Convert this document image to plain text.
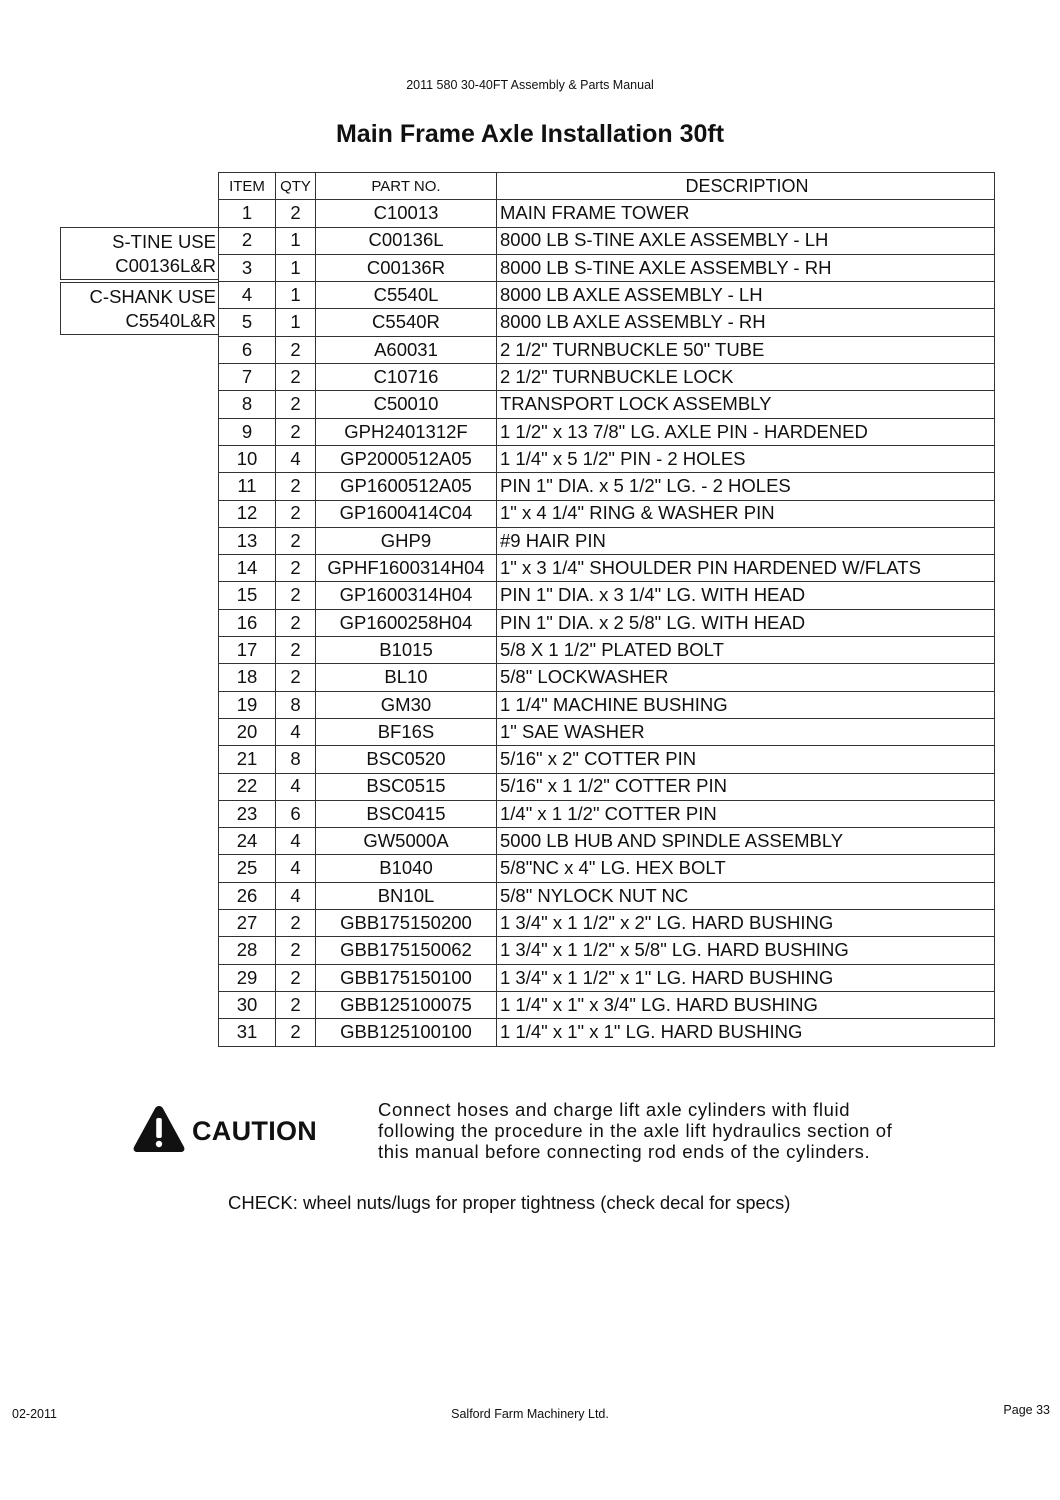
2011 580 30-40FT Assembly & Parts Manual
Main Frame Axle Installation 30ft
S-TINE USE
C00136L&R
C-SHANK USE
C5540L&R
ITEM	QTY	PART NO.	DESCRIPTION
1	2	C10013	MAIN FRAME TOWER
2	1	C00136L	8000 LB S-TINE AXLE ASSEMBLY - LH
3	1	C00136R	8000 LB S-TINE AXLE ASSEMBLY - RH
4	1	C5540L	8000 LB AXLE ASSEMBLY - LH
5	1	C5540R	8000 LB AXLE ASSEMBLY - RH
6	2	A60031	2 1/2" TURNBUCKLE 50" TUBE
7	2	C10716	2 1/2" TURNBUCKLE LOCK
8	2	C50010	TRANSPORT LOCK ASSEMBLY
9	2	GPH2401312F	1 1/2" x 13 7/8" LG. AXLE PIN - HARDENED
10	4	GP2000512A05	1 1/4" x 5 1/2" PIN - 2 HOLES
11	2	GP1600512A05	PIN 1" DIA. x 5 1/2" LG. - 2 HOLES
12	2	GP1600414C04	1" x 4 1/4" RING & WASHER PIN
13	2	GHP9	#9 HAIR PIN
14	2	GPHF1600314H04	1" x 3 1/4" SHOULDER PIN HARDENED W/FLATS
15	2	GP1600314H04	PIN 1" DIA. x 3 1/4" LG. WITH HEAD
16	2	GP1600258H04	PIN 1" DIA. x 2 5/8" LG. WITH HEAD
17	2	B1015	5/8 X 1 1/2" PLATED BOLT
18	2	BL10	5/8" LOCKWASHER
19	8	GM30	1 1/4" MACHINE BUSHING
20	4	BF16S	1" SAE WASHER
21	8	BSC0520	5/16" x 2" COTTER PIN
22	4	BSC0515	5/16" x 1 1/2" COTTER PIN
23	6	BSC0415	1/4" x 1 1/2" COTTER PIN
24	4	GW5000A	5000 LB HUB AND SPINDLE ASSEMBLY
25	4	B1040	5/8"NC x 4" LG. HEX BOLT
26	4	BN10L	5/8" NYLOCK NUT NC
27	2	GBB175150200	1 3/4" x 1 1/2" x 2" LG. HARD BUSHING
28	2	GBB175150062	1 3/4" x 1 1/2" x 5/8" LG. HARD BUSHING
29	2	GBB175150100	1 3/4" x 1 1/2" x 1" LG. HARD BUSHING
30	2	GBB125100075	1 1/4" x 1" x 3/4" LG. HARD BUSHING
31	2	GBB125100100	1 1/4" x 1" x 1" LG. HARD BUSHING
CAUTION
Connect hoses and charge lift axle cylinders with fluid
following the procedure in the axle lift hydraulics section of
this manual before connecting rod ends of the cylinders.
CHECK: wheel nuts/lugs for proper tightness (check decal for specs)
02-2011	Salford Farm Machinery Ltd.	Page 33
